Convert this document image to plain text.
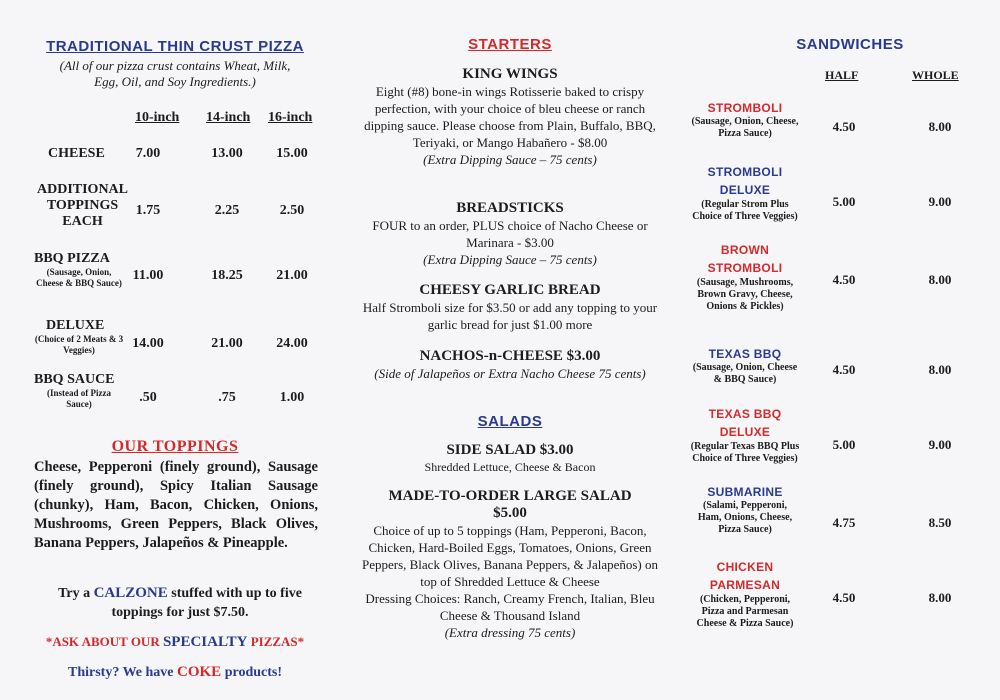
TRADITIONAL THIN CRUST PIZZA
(All of our pizza crust contains Wheat, Milk, Egg, Oil, and Soy Ingredients.)
10-inch 14-inch 16-inch
CHEESE	7.00	13.00	15.00
ADDITIONAL TOPPINGS EACH
1.75	2.25	2.50
BBQ PIZZA
(Sausage, Onion, Cheese & BBQ Sauce) 11.00	18.25	21.00
DELUXE
(Choice of 2 Meats & 3 Veggies)	14.00	21.00	24.00
BBQ SAUCE
(Instead of Pizza Sauce)	.50	.75	1.00
OUR TOPPINGS
Cheese, Pepperoni (finely ground), Sausage (finely ground), Spicy Italian Sausage (chunky), Ham, Bacon, Chicken, Onions, Mushrooms, Green Peppers, Black Olives, Banana Peppers, Jalapeños & Pineapple.
Try a CALZONE stuffed with up to five toppings for just $7.50.
*ASK ABOUT OUR SPECIALTY PIZZAS*
Thirsty? We have COKE products!
STARTERS
KING WINGS
Eight (#8) bone-in wings Rotisserie baked to crispy perfection, with your choice of bleu cheese or ranch dipping sauce. Please choose from Plain, Buffalo, BBQ, Teriyaki, or Mango Habañero - $8.00
(Extra Dipping Sauce – 75 cents)
BREADSTICKS
FOUR to an order, PLUS choice of Nacho Cheese or Marinara - $3.00
(Extra Dipping Sauce – 75 cents)
CHEESY GARLIC BREAD
Half Stromboli size for $3.50 or add any topping to your garlic bread for just $1.00 more
NACHOS-n-CHEESE $3.00
(Side of Jalapeños or Extra Nacho Cheese 75 cents)
SALADS
SIDE SALAD $3.00
Shredded Lettuce, Cheese & Bacon
MADE-TO-ORDER LARGE SALAD
$5.00
Choice of up to 5 toppings (Ham, Pepperoni, Bacon, Chicken, Hard-Boiled Eggs, Tomatoes, Onions, Green Peppers, Black Olives, Banana Peppers, & Jalapeños) on top of Shredded Lettuce & Cheese
Dressing Choices: Ranch, Creamy French, Italian, Bleu Cheese & Thousand Island
(Extra dressing 75 cents)
SANDWICHES
HALF	WHOLE
STROMBOLI
(Sausage, Onion, Cheese, Pizza Sauce)	4.50	8.00
STROMBOLI DELUXE
(Regular Strom Plus Choice of Three Veggies)
5.00	9.00
BROWN STROMBOLI
(Sausage, Mushrooms, Brown Gravy, Cheese, Onions & Pickles)
4.50	8.00
TEXAS BBQ
(Sausage, Onion, Cheese & BBQ Sauce)
4.50	8.00
TEXAS BBQ DELUXE
(Regular Texas BBQ Plus Choice of Three Veggies)
5.00	9.00
SUBMARINE
(Salami, Pepperoni, Ham, Onions, Cheese, Pizza Sauce)	4.75	8.50
CHICKEN PARMESAN
(Chicken, Pepperoni, Pizza and Parmesan Cheese & Pizza Sauce)
4.50	8.00
